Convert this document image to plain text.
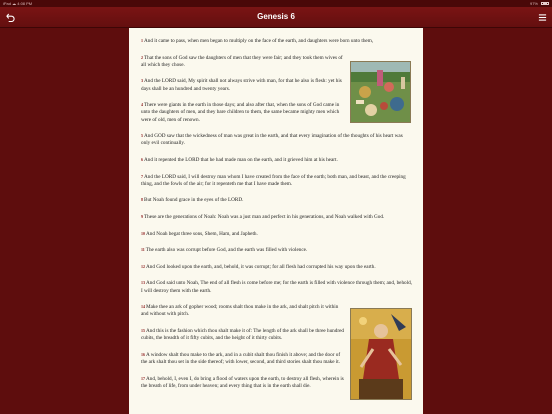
iPad ☁ 4:08 PM	97%
Genesis 6

1And it came to pass, when men began to multiply on the face of the earth, and daughters were born unto them,

2That the sons of God saw the daughters of men that they were fair; and they took them wives of all which they chose.

3And the LORD said, My spirit shall not always strive with man, for that he also is flesh: yet his days shall be an hundred and twenty years.

4There were giants in the earth in those days; and also after that, when the sons of God came in unto the daughters of men, and they bare children to them, the same became mighty men which were of old, men of renown.

5And GOD saw that the wickedness of man was great in the earth, and that every imagination of the thoughts of his heart was only evil continually.

6And it repented the LORD that he had made man on the earth, and it grieved him at his heart.

7And the LORD said, I will destroy man whom I have created from the face of the earth; both man, and beast, and the creeping thing, and the fowls of the air; for it repenteth me that I have made them.

8But Noah found grace in the eyes of the LORD.

9These are the generations of Noah: Noah was a just man and perfect in his generations, and Noah walked with God.

10And Noah begat three sons, Shem, Ham, and Japheth.

11The earth also was corrupt before God, and the earth was filled with violence.

12And God looked upon the earth, and, behold, it was corrupt; for all flesh had corrupted his way upon the earth.

13And God said unto Noah, The end of all flesh is come before me; for the earth is filled with violence through them; and, behold, I will destroy them with the earth.

14Make thee an ark of gopher wood; rooms shalt thou make in the ark, and shalt pitch it within and without with pitch.

15And this is the fashion which thou shalt make it of: The length of the ark shall be three hundred cubits, the breadth of it fifty cubits, and the height of it thirty cubits.

16A window shalt thou make to the ark, and in a cubit shalt thou finish it above; and the door of the ark shalt thou set in the side thereof; with lower, second, and third stories shalt thou make it.

17And, behold, I, even I, do bring a flood of waters upon the earth, to destroy all flesh, wherein is the breath of life, from under heaven; and every thing that is in the earth shall die.
